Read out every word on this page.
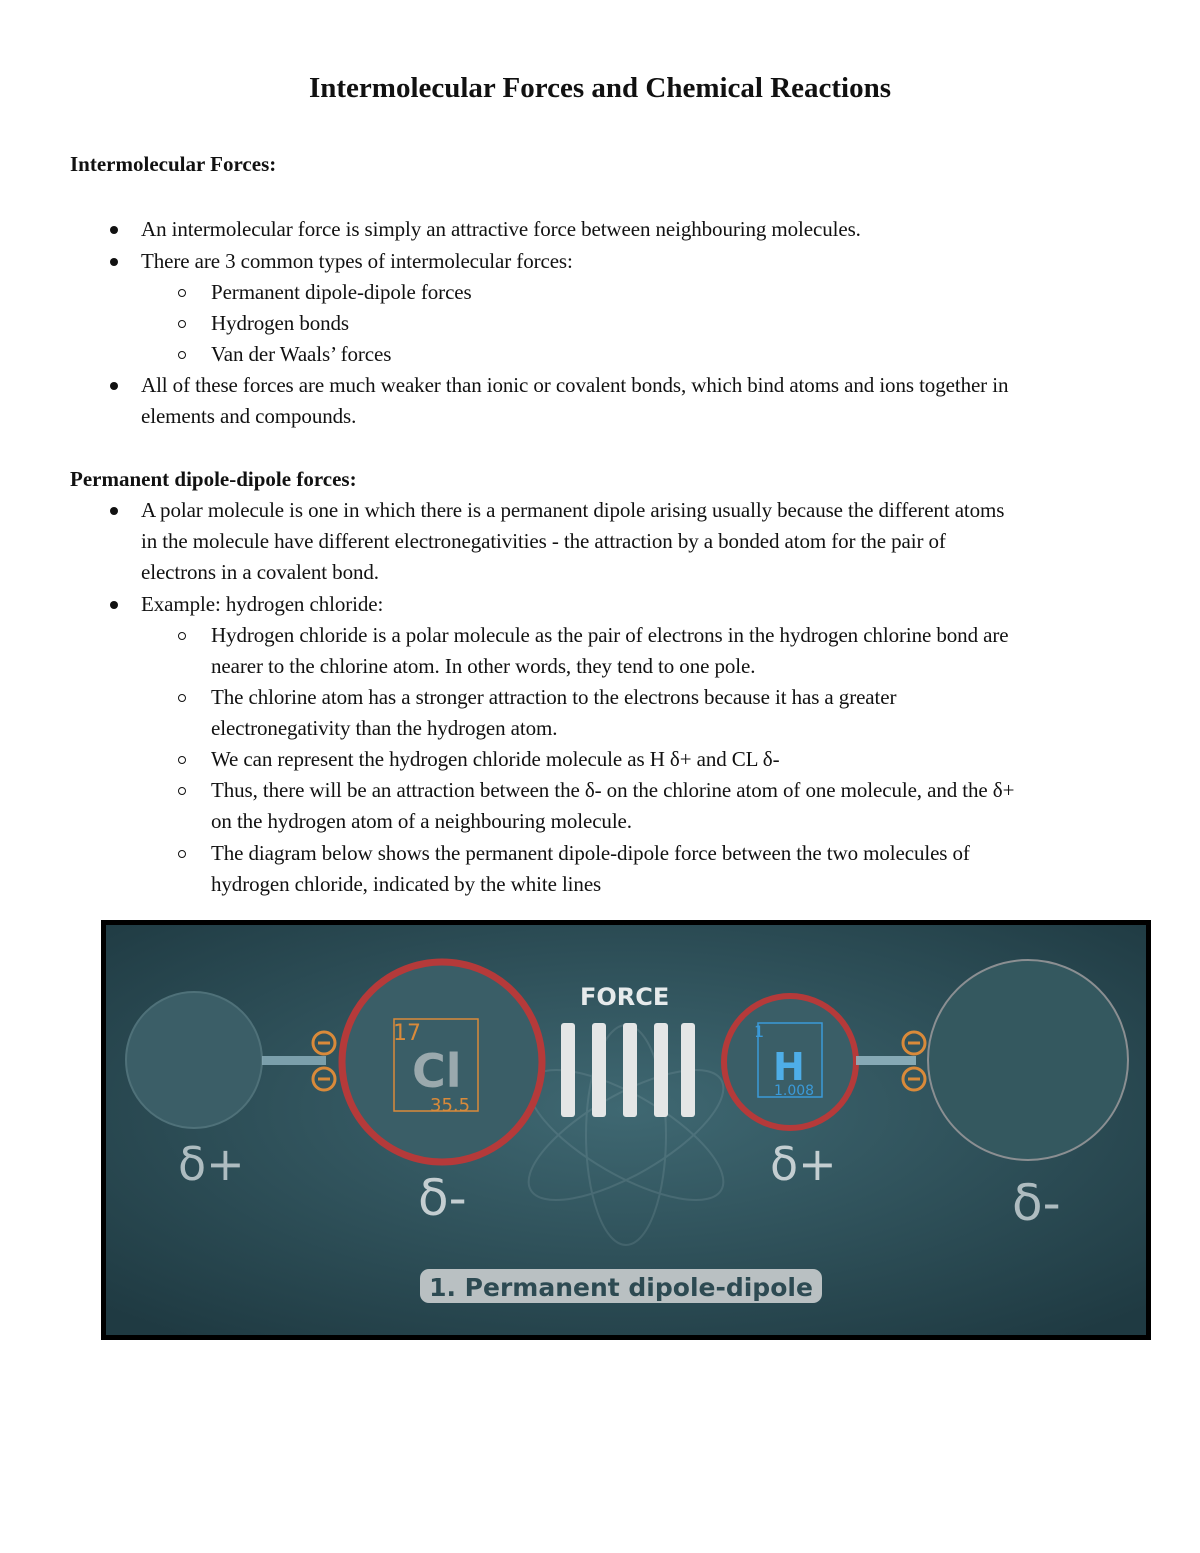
Intermolecular Forces and Chemical Reactions
Intermolecular Forces:
An intermolecular force is simply an attractive force between neighbouring molecules.
There are 3 common types of intermolecular forces:
Permanent dipole-dipole forces
Hydrogen bonds
Van der Waals’ forces
All of these forces are much weaker than ionic or covalent bonds, which bind atoms and ions together in
elements and compounds.
Permanent dipole-dipole forces:
A polar molecule is one in which there is a permanent dipole arising usually because the different atoms
in the molecule have different electronegativities - the attraction by a bonded atom for the pair of
electrons in a covalent bond.
Example: hydrogen chloride:
Hydrogen chloride is a polar molecule as the pair of electrons in the hydrogen chlorine bond are
nearer to the chlorine atom. In other words, they tend to one pole.
The chlorine atom has a stronger attraction to the electrons because it has a greater
electronegativity than the hydrogen atom.
We can represent the hydrogen chloride molecule as H δ+ and CL δ-
Thus, there will be an attraction between the δ- on the chlorine atom of one molecule, and the δ+
on the hydrogen atom of a neighbouring molecule.
The diagram below shows the permanent dipole-dipole force between the two molecules of
hydrogen chloride, indicated by the white lines
17
Cl
35.5
FORCE
1
H
1.008
δ+
δ-
δ+
δ-
1. Permanent dipole-dipole
